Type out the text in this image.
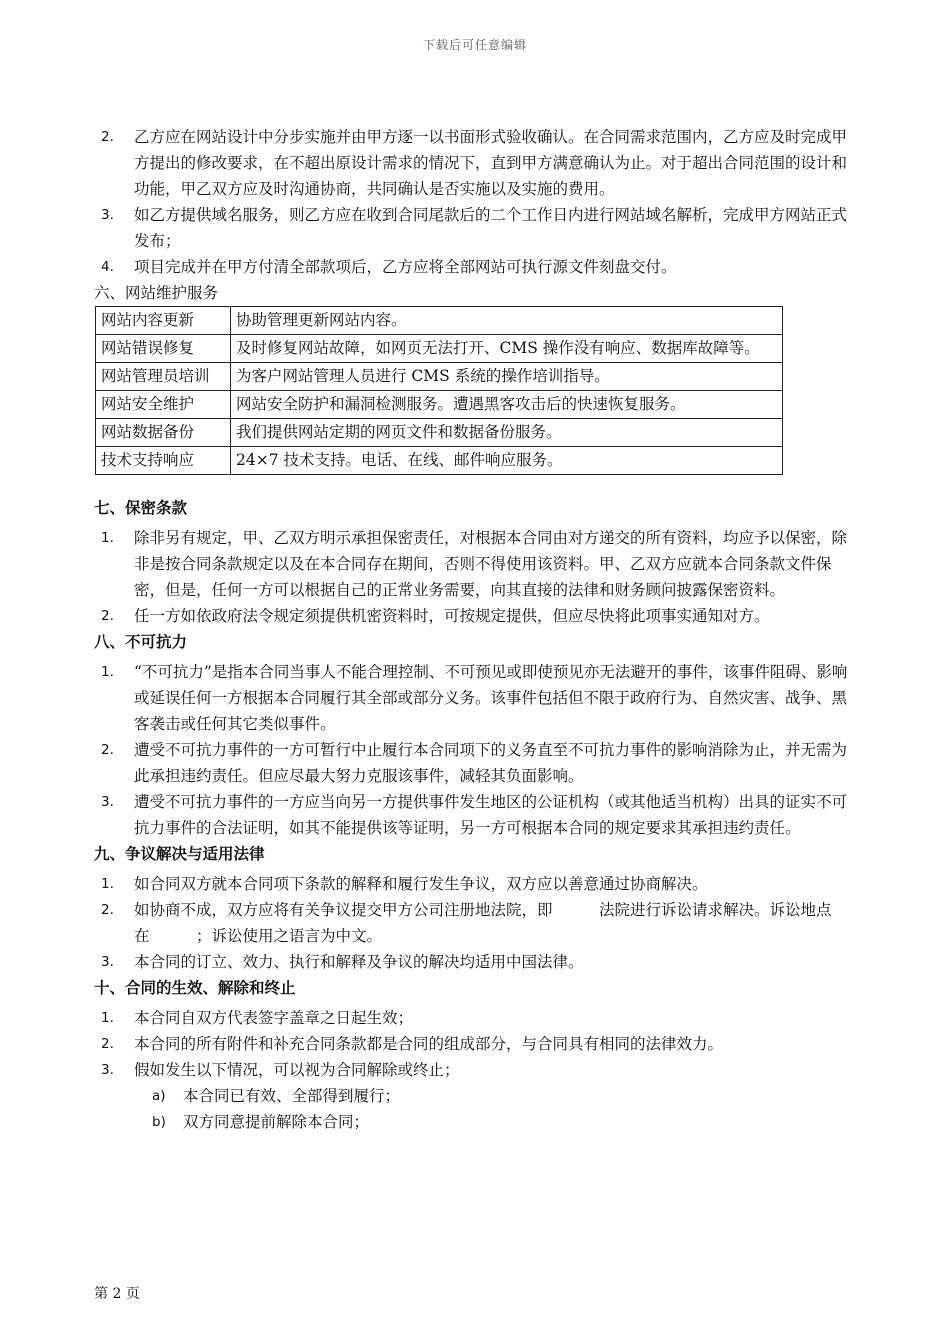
下载后可任意编辑
2. 乙方应在网站设计中分步实施并由甲方逐一以书面形式验收确认。在合同需求范围内，乙方应及时完成甲方提出的修改要求，在不超出原设计需求的情况下，直到甲方满意确认为止。对于超出合同范围的设计和功能，甲乙双方应及时沟通协商，共同确认是否实施以及实施的费用。
3. 如乙方提供域名服务，则乙方应在收到合同尾款后的二个工作日内进行网站域名解析，完成甲方网站正式发布；
4. 项目完成并在甲方付清全部款项后，乙方应将全部网站可执行源文件刻盘交付。
六、网站维护服务
网站内容更新	协助管理更新网站内容。
网站错误修复	及时修复网站故障，如网页无法打开、CMS 操作没有响应、数据库故障等。
网站管理员培训	为客户网站管理人员进行 CMS 系统的操作培训指导。
网站安全维护	网站安全防护和漏洞检测服务。遭遇黑客攻击后的快速恢复服务。
网站数据备份	我们提供网站定期的网页文件和数据备份服务。
技术支持响应	24×7 技术支持。电话、在线、邮件响应服务。
七、保密条款
1. 除非另有规定，甲、乙双方明示承担保密责任，对根据本合同由对方递交的所有资料，均应予以保密，除非是按合同条款规定以及在本合同存在期间，否则不得使用该资料。甲、乙双方应就本合同条款文件保密，但是，任何一方可以根据自己的正常业务需要，向其直接的法律和财务顾问披露保密资料。
2. 任一方如依政府法令规定须提供机密资料时，可按规定提供，但应尽快将此项事实通知对方。
八、不可抗力
1. “不可抗力”是指本合同当事人不能合理控制、不可预见或即使预见亦无法避开的事件，该事件阻碍、影响或延误任何一方根据本合同履行其全部或部分义务。该事件包括但不限于政府行为、自然灾害、战争、黑客袭击或任何其它类似事件。
2. 遭受不可抗力事件的一方可暂行中止履行本合同项下的义务直至不可抗力事件的影响消除为止，并无需为此承担违约责任。但应尽最大努力克服该事件，减轻其负面影响。
3. 遭受不可抗力事件的一方应当向另一方提供事件发生地区的公证机构（或其他适当机构）出具的证实不可抗力事件的合法证明，如其不能提供该等证明，另一方可根据本合同的规定要求其承担违约责任。
九、争议解决与适用法律
1. 如合同双方就本合同项下条款的解释和履行发生争议，双方应以善意通过协商解决。
2. 如协商不成，双方应将有关争议提交甲方公司注册地法院，即　　　法院进行诉讼请求解决。诉讼地点在　　　；诉讼使用之语言为中文。
3. 本合同的订立、效力、执行和解释及争议的解决均适用中国法律。
十、合同的生效、解除和终止
1. 本合同自双方代表签字盖章之日起生效；
2. 本合同的所有附件和补充合同条款都是合同的组成部分，与合同具有相同的法律效力。
3. 假如发生以下情况，可以视为合同解除或终止；
a) 本合同已有效、全部得到履行；
b) 双方同意提前解除本合同；
第 2 页
